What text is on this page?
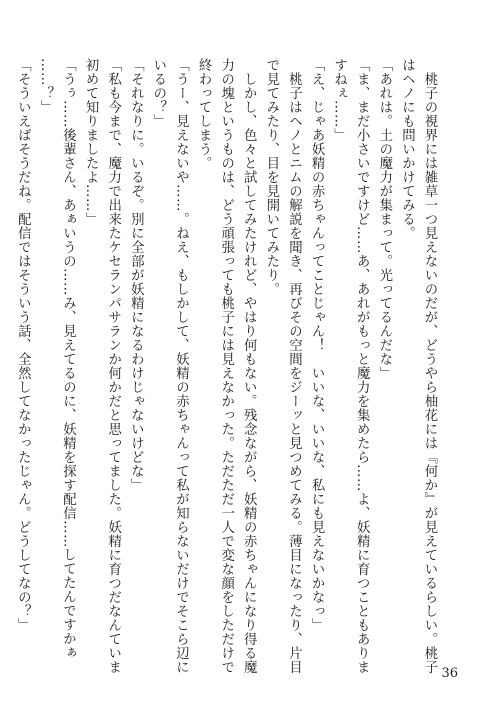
　桃子の視界には雑草一つ見えないのだが、どうやら柚花には『何か』が見えているらしい。桃子
はヘノにも問いかけてみる。
「あれは。土の魔力が集まって。光ってるんだな」
「ま、まだ小さいですけど……あ、あれがもっと魔力を集めたら……よ、妖精に育つこともありま
すねぇ……」
「え、じゃあ妖精の赤ちゃんってことじゃん！　いいな、いいな、私にも見えないかなっ」
　桃子はヘノとニムの解説を聞き、再びその空間をジーッと見つめてみる。薄目になったり、片目
で見てみたり、目を見開いてみたり。
　しかし、色々と試してみたけれど、やはり何もない。残念ながら、妖精の赤ちゃんになり得る魔
力の塊というものは、どう頑張っても桃子には見えなかった。ただただ一人で変な顔をしただけで
終わってしまう。
「うー、見えないや……。ねえ、もしかして、妖精の赤ちゃんって私が知らないだけでそこら辺に
いるの？」
「それなりに。いるぞ。別に全部が妖精になるわけじゃないけどな」
「私も今まで、魔力で出来たケセランパサランか何かだと思ってました。妖精に育つだなんていま
初めて知りましたよ……」
「うぅ……後輩さん、あぁいうの……み、見えてるのに、妖精を探す配信……してたんですかぁ
……？」
「そういえばそうだね。配信ではそういう話、全然してなかったじゃん。どうしてなの？」
36
